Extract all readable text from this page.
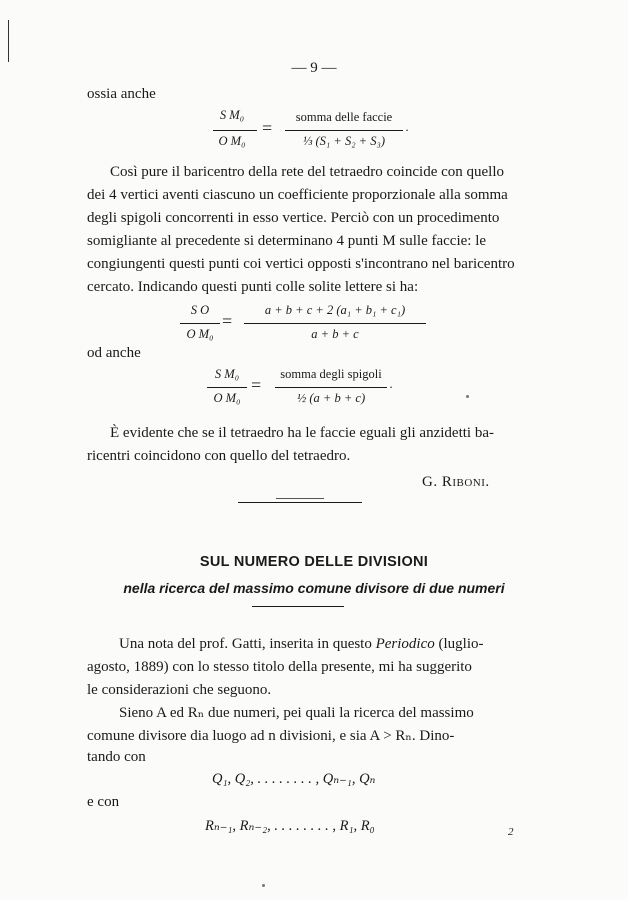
— 9 —
ossia anche
S M₀
O M₀
=
somma delle faccie
⅓ (S₁ + S₂ + S₃)
.
Così pure il baricentro della rete del tetraedro coincide con quello
dei 4 vertici aventi ciascuno un coefficiente proporzionale alla somma
degli spigoli concorrenti in esso vertice. Perciò con un procedimento
somigliante al precedente si determinano 4 punti M sulle faccie: le
congiungenti questi punti coi vertici opposti s'incontrano nel baricentro
cercato. Indicando questi punti colle solite lettere si ha:
S O
O M₀
=
a + b + c + 2 (a₁ + b₁ + c₁)
a + b + c
od anche
S M₀
O M₀
=
somma degli spigoli
½ (a + b + c)
.
È evidente che se il tetraedro ha le faccie eguali gli anzidetti ba-
ricentri coincidono con quello del tetraedro.
G. Riboni.
SUL NUMERO DELLE DIVISIONI
nella ricerca del massimo comune divisore di due numeri
Una nota del prof. Gatti, inserita in questo Periodico (luglio-
agosto, 1889) con lo stesso titolo della presente, mi ha suggerito
le considerazioni che seguono.
Sieno A ed Rₙ due numeri, pei quali la ricerca del massimo
comune divisore dia luogo ad n divisioni, e sia A > Rₙ. Dino-
tando con
Q₁, Q₂, . . . . . . . . , Qₙ₋₁, Qₙ
e con
Rₙ₋₁, Rₙ₋₂, . . . . . . . . , R₁, R₀	2
